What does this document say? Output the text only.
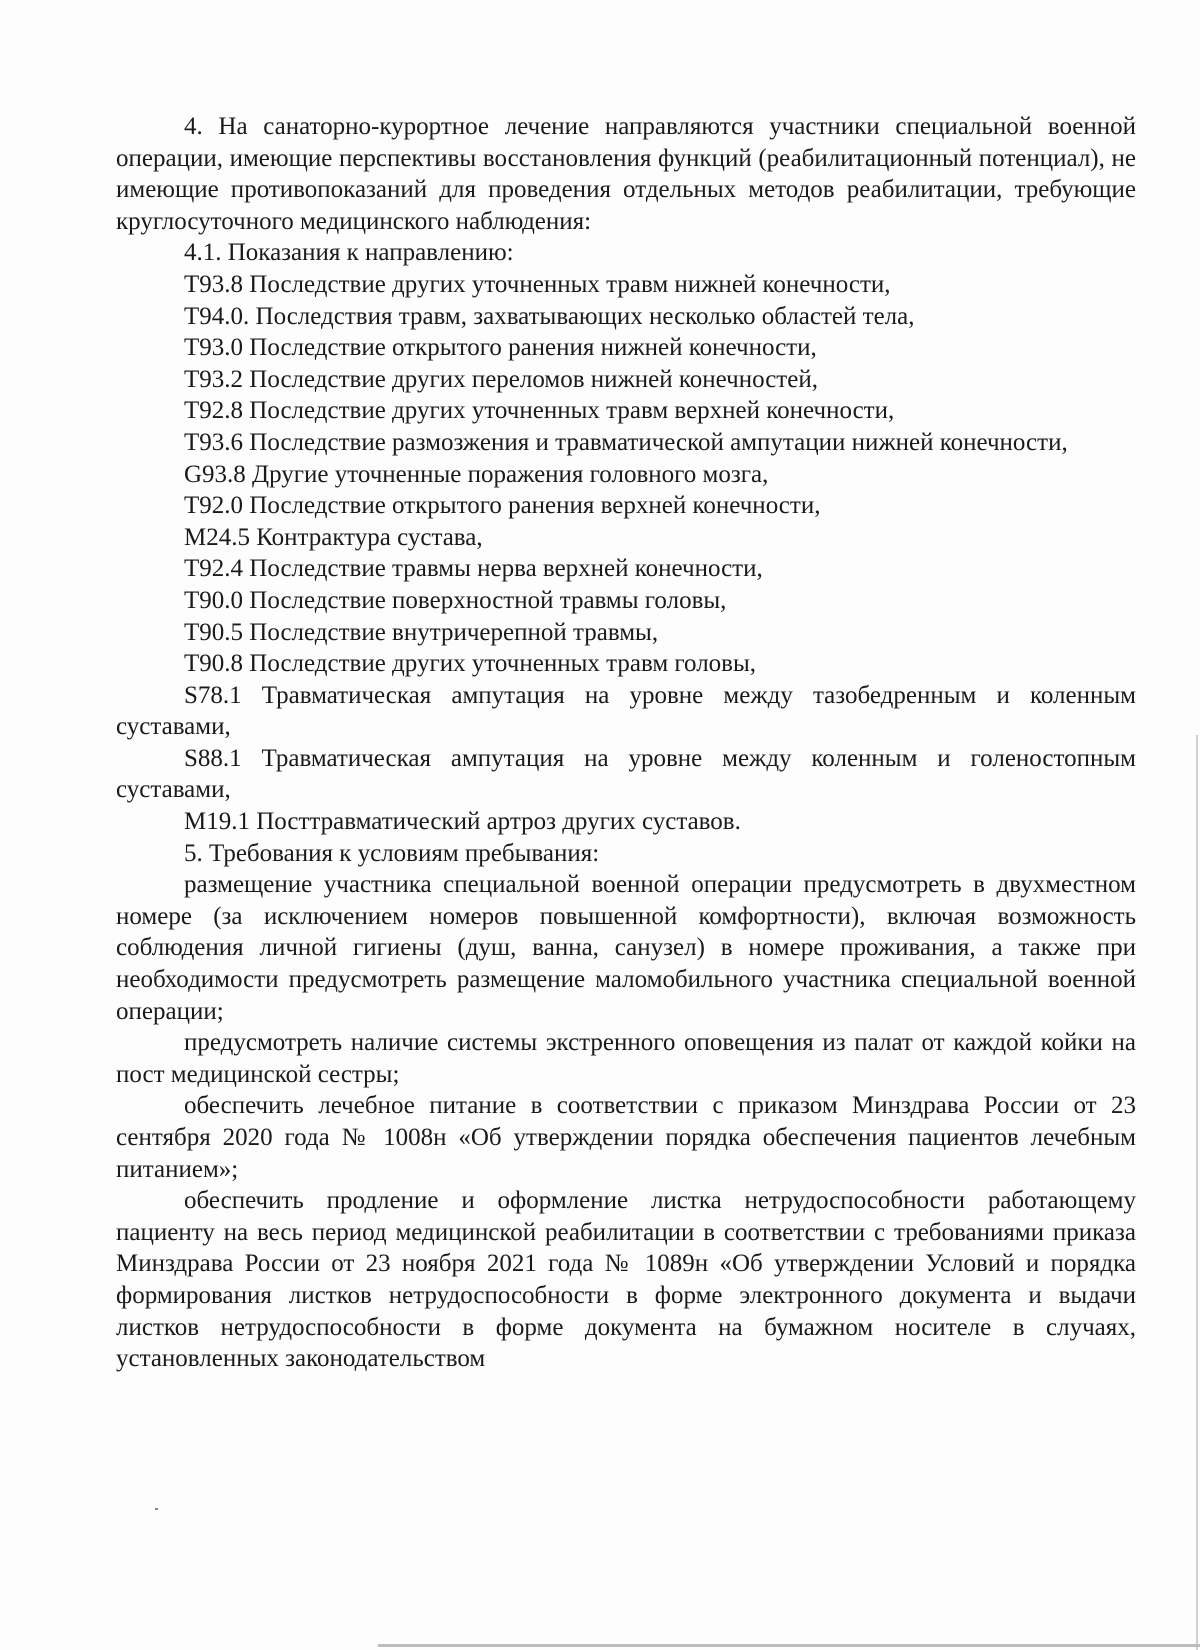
4. На санаторно-курортное лечение направляются участники специальной военной операции, имеющие перспективы восстановления функций (реабилитационный потенциал), не имеющие противопоказаний для проведения отдельных методов реабилитации, требующие круглосуточного медицинского наблюдения:

4.1. Показания к направлению:

T93.8 Последствие других уточненных травм нижней конечности,

T94.0. Последствия травм, захватывающих несколько областей тела,

T93.0 Последствие открытого ранения нижней конечности,

T93.2 Последствие других переломов нижней конечностей,

T92.8 Последствие других уточненных травм верхней конечности,

T93.6 Последствие размозжения и травматической ампутации нижней конечности,

G93.8 Другие уточненные поражения головного мозга,

T92.0 Последствие открытого ранения верхней конечности,

M24.5 Контрактура сустава,

T92.4 Последствие травмы нерва верхней конечности,

T90.0 Последствие поверхностной травмы головы,

T90.5 Последствие внутричерепной травмы,

T90.8 Последствие других уточненных травм головы,

S78.1 Травматическая ампутация на уровне между тазобедренным и коленным суставами,

S88.1 Травматическая ампутация на уровне между коленным и голеностопным суставами,

M19.1 Посттравматический артроз других суставов.

5. Требования к условиям пребывания:

размещение участника специальной военной операции предусмотреть в двухместном номере (за исключением номеров повышенной комфортности), включая возможность соблюдения личной гигиены (душ, ванна, санузел) в номере проживания, а также при необходимости предусмотреть размещение маломобильного участника специальной военной операции;

предусмотреть наличие системы экстренного оповещения из палат от каждой койки на пост медицинской сестры;

обеспечить лечебное питание в соответствии с приказом Минздрава России от 23 сентября 2020 года № 1008н «Об утверждении порядка обеспечения пациентов лечебным питанием»;

обеспечить продление и оформление листка нетрудоспособности работающему пациенту на весь период медицинской реабилитации в соответствии с требованиями приказа Минздрава России от 23 ноября 2021 года № 1089н «Об утверждении Условий и порядка формирования листков нетрудоспособности в форме электронного документа и выдачи листков нетрудоспособности в форме документа на бумажном носителе в случаях, установленных законодательством
